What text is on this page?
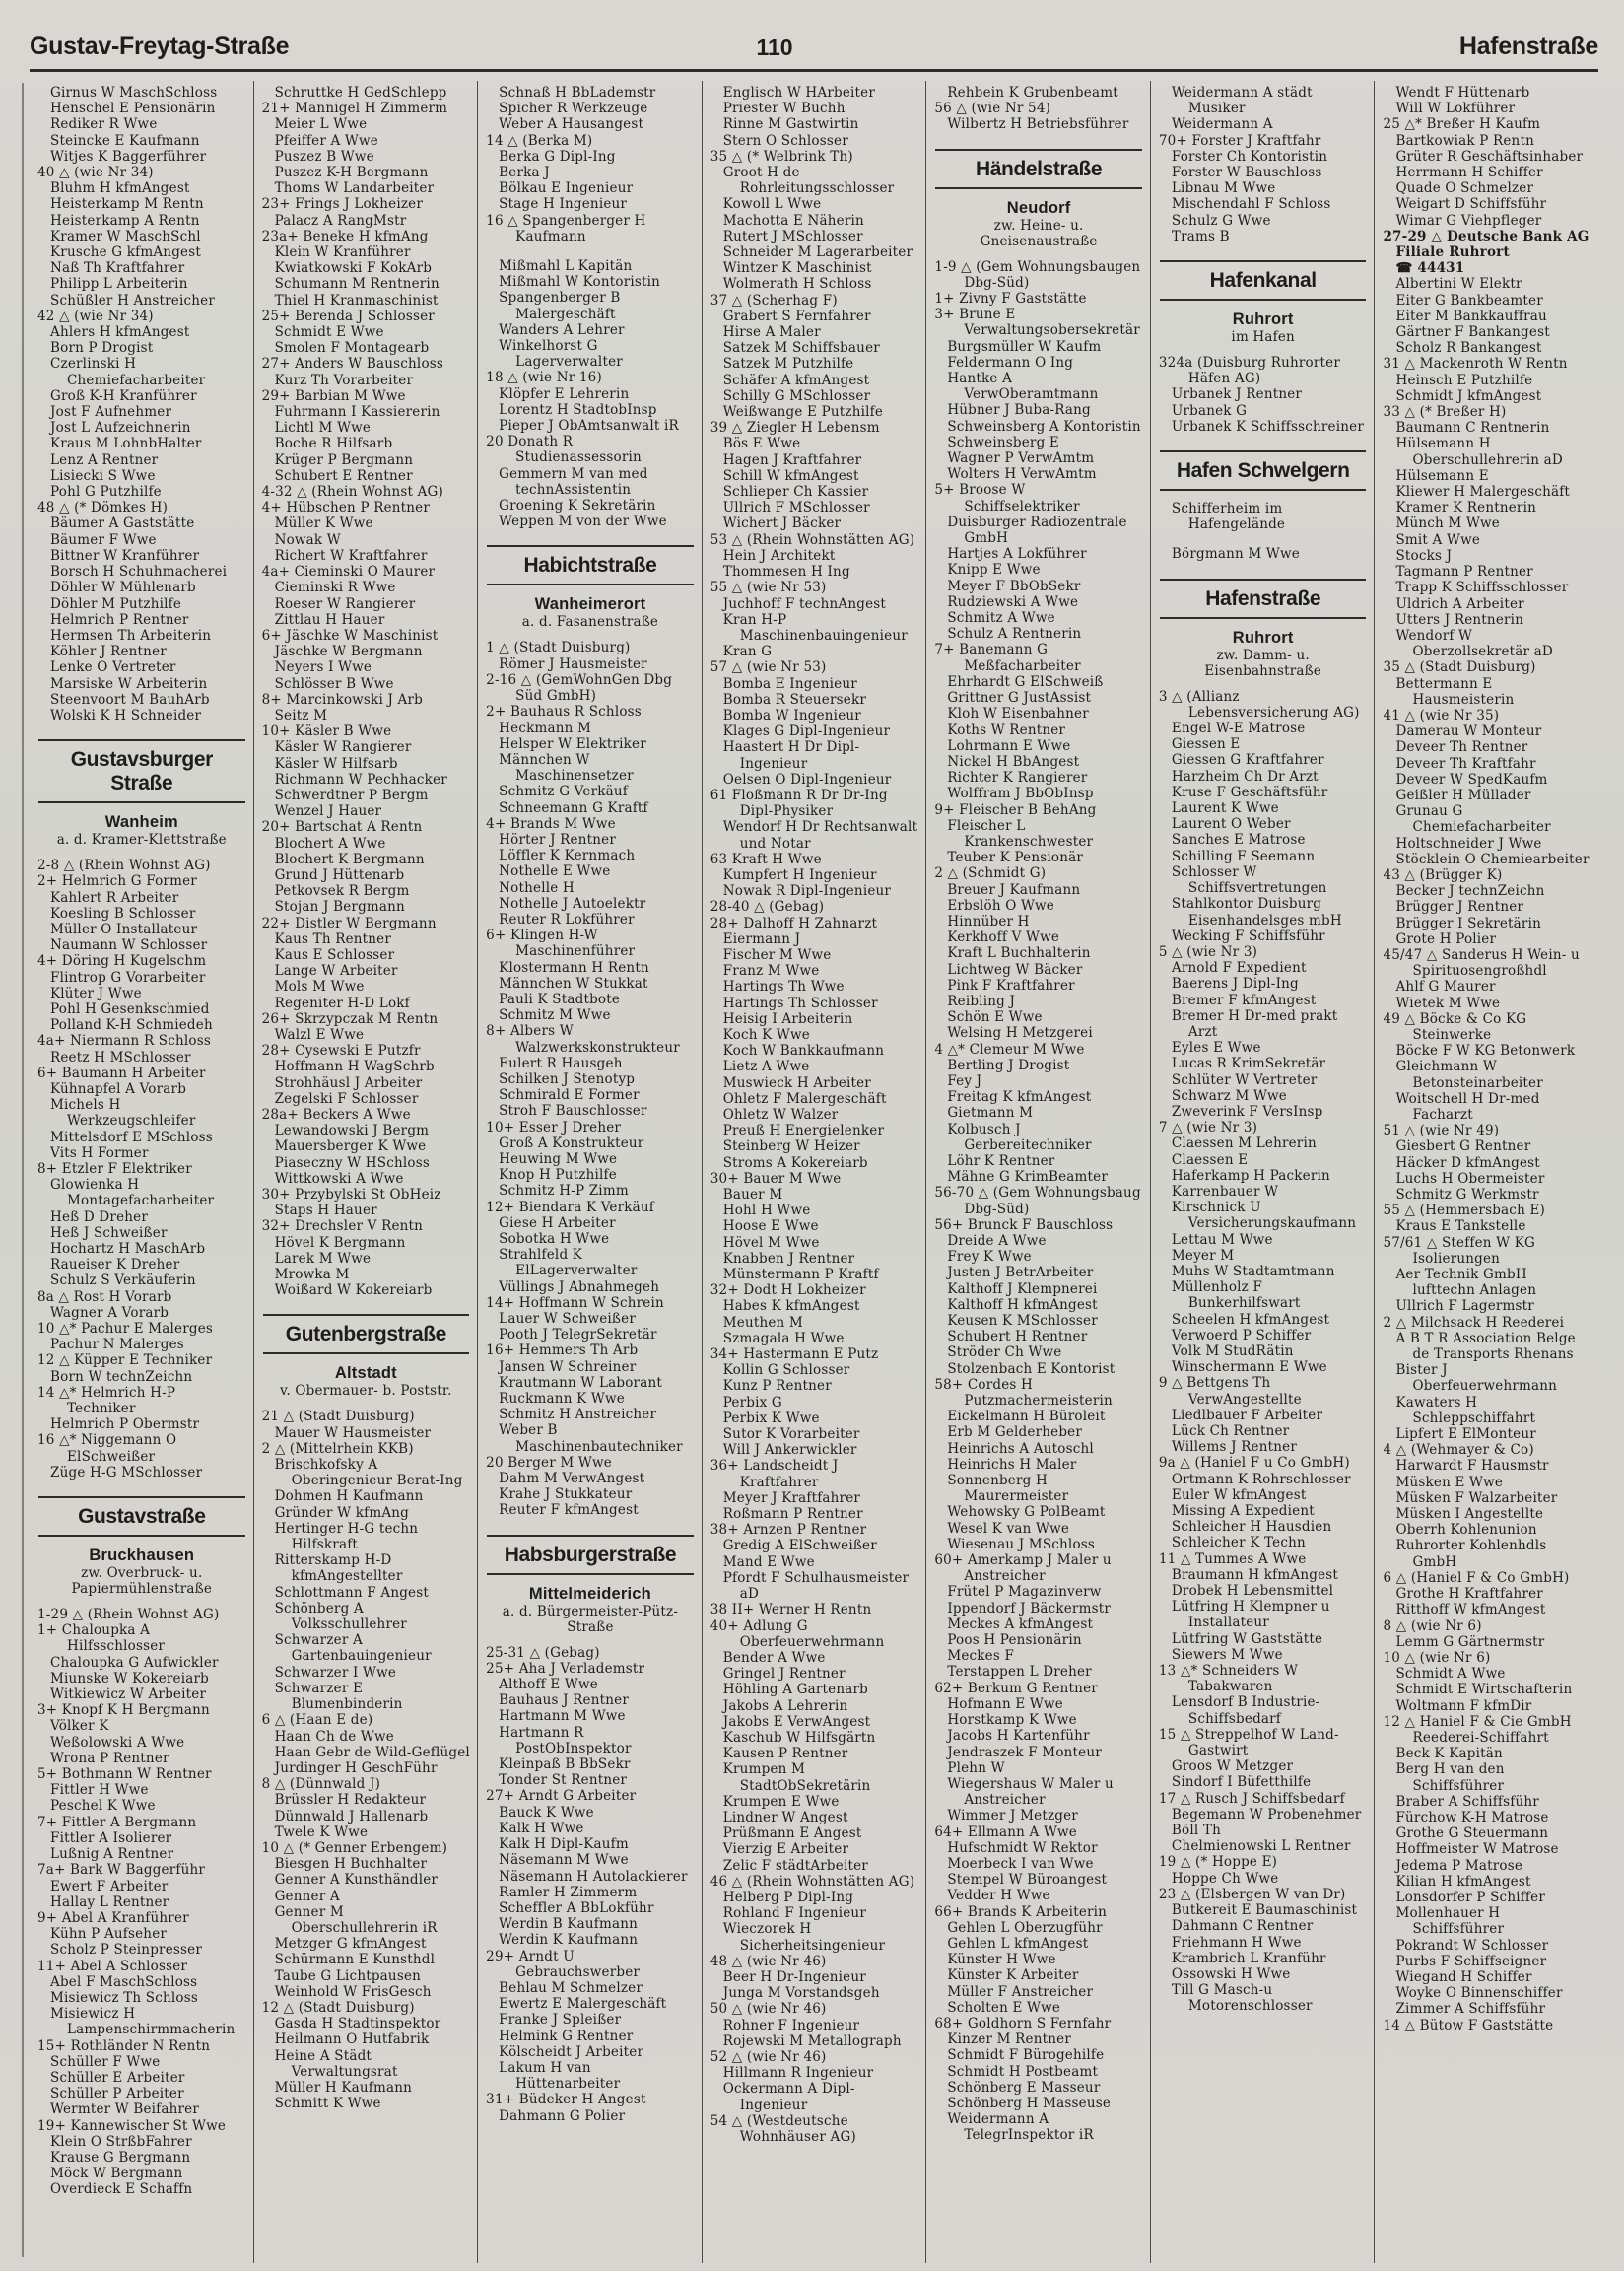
Gustav-Freytag-Straße	110	Hafenstraße
Girnus W MaschSchloss
Henschel E Pensionärin
Rediker R Wwe
Steincke E Kaufmann
Witjes K Baggerführer
40 △ (wie Nr 34)
Bluhm H kfmAngest
Heisterkamp M Rentn
Heisterkamp A Rentn
Kramer W MaschSchl
Krusche G kfmAngest
Naß Th Kraftfahrer
Philipp L Arbeiterin
Schüßler H Anstreicher
42 △ (wie Nr 34)
Ahlers H kfmAngest
Born P Drogist
Czerlinski H Chemiefacharbeiter
Groß K-H Kranführer
Jost F Aufnehmer
Jost L Aufzeichnerin
Kraus M LohnbHalter
Lenz A Rentner
Lisiecki S Wwe
Pohl G Putzhilfe
48 △ (* Dömkes H)
Bäumer A Gaststätte
Bäumer F Wwe
Bittner W Kranführer
Borsch H Schuhmacherei
Döhler W Mühlenarb
Döhler M Putzhilfe
Helmrich P Rentner
Hermsen Th Arbeiterin
Köhler J Rentner
Lenke O Vertreter
Marsiske W Arbeiterin
Steenvoort M BauhArb
Wolski K H Schneider
Gustavsburger Straße
Wanheim
a. d. Kramer-Klettstraße
2-8 △ (Rhein Wohnst AG)
2+ Helmrich G Former
Kahlert R Arbeiter
Koesling B Schlosser
Müller O Installateur
Naumann W Schlosser
4+ Döring H Kugelschm
Flintrop G Vorarbeiter
Klüter J Wwe
Pohl H Gesenkschmied
Polland K-H Schmiedeh
4a+ Niermann R Schloss
Reetz H MSchlosser
6+ Baumann H Arbeiter
Kühnapfel A Vorarb
Michels H Werkzeugschleifer
Mittelsdorf E MSchloss
Vits H Former
8+ Etzler F Elektriker
Glowienka H Montagefacharbeiter
Heß D Dreher
Heß J Schweißer
Hochartz H MaschArb
Raueiser K Dreher
Schulz S Verkäuferin
8a △ Rost H Vorarb
Wagner A Vorarb
10 △* Pachur E Malerges
Pachur N Malerges
12 △ Küpper E Techniker
Born W technZeichn
14 △* Helmrich H-P Techniker
Helmrich P Obermstr
16 △* Niggemann O ElSchweißer
Züge H-G MSchlosser
Gustavstraße
Bruckhausen
zw. Overbruck- u. Papiermühlenstraße
1-29 △ (Rhein Wohnst AG)
1+ Chaloupka A Hilfsschlosser
Chaloupka G Aufwickler
Miunske W Kokereiarb
Witkiewicz W Arbeiter
3+ Knopf K H Bergmann
Völker K
Weßolowski A Wwe
Wrona P Rentner
5+ Bothmann W Rentner
Fittler H Wwe
Peschel K Wwe
7+ Fittler A Bergmann
Fittler A Isolierer
Lußnig A Rentner
7a+ Bark W Baggerführ
Ewert F Arbeiter
Hallay L Rentner
9+ Abel A Kranführer
Kühn P Aufseher
Scholz P Steinpresser
11+ Abel A Schlosser
Abel F MaschSchloss
Misiewicz Th Schloss
Misiewicz H Lampenschirmmacherin
15+ Rothländer N Rentn
Schüller F Wwe
Schüller E Arbeiter
Schüller P Arbeiter
Wermter W Beifahrer
19+ Kannewischer St Wwe
Klein O StrßbFahrer
Krause G Bergmann
Möck W Bergmann
Overdieck E Schaffn
Schruttke H GedSchlepp
21+ Mannigel H Zimmerm
Meier L Wwe
Pfeiffer A Wwe
Puszez B Wwe
Puszez K-H Bergmann
Thoms W Landarbeiter
23+ Frings J Lokheizer
Palacz A RangMstr
23a+ Beneke H kfmAng
Klein W Kranführer
Kwiatkowski F KokArb
Schumann M Rentnerin
Thiel H Kranmaschinist
25+ Berenda J Schlosser
Schmidt E Wwe
Smolen F Montagearb
27+ Anders W Bauschloss
Kurz Th Vorarbeiter
29+ Barbian M Wwe
Fuhrmann I Kassiererin
Lichtl M Wwe
Boche R Hilfsarb
Krüger P Bergmann
Schubert E Rentner
4-32 △ (Rhein Wohnst AG)
4+ Hübschen P Rentner
Müller K Wwe
Nowak W
Richert W Kraftfahrer
4a+ Cieminski O Maurer
Cieminski R Wwe
Roeser W Rangierer
Zittlau H Hauer
6+ Jäschke W Maschinist
Jäschke W Bergmann
Neyers I Wwe
Schlösser B Wwe
8+ Marcinkowski J Arb
Seitz M
10+ Käsler B Wwe
Käsler W Rangierer
Käsler W Hilfsarb
Richmann W Pechhacker
Schwerdtner P Bergm
Wenzel J Hauer
20+ Bartschat A Rentn
Blochert A Wwe
Blochert K Bergmann
Grund J Hüttenarb
Petkovsek R Bergm
Stojan J Bergmann
22+ Distler W Bergmann
Kaus Th Rentner
Kaus E Schlosser
Lange W Arbeiter
Mols M Wwe
Regeniter H-D Lokf
26+ Skrzypczak M Rentn
Walzl E Wwe
28+ Cysewski E Putzfr
Hoffmann H WagSchrb
Strohhäusl J Arbeiter
Zegelski F Schlosser
28a+ Beckers A Wwe
Lewandowski J Bergm
Mauersberger K Wwe
Piaseczny W HSchloss
Wittkowski A Wwe
30+ Przybylski St ObHeiz
Staps H Hauer
32+ Drechsler V Rentn
Hövel K Bergmann
Larek M Wwe
Mrowka M
Woißard W Kokereiarb
Gutenbergstraße
Altstadt
v. Obermauer- b. Poststr.
21 △ (Stadt Duisburg)
Mauer W Hausmeister
2 △ (Mittelrhein KKB)
Brischkofsky A Oberingenieur Berat-Ing
Dohmen H Kaufmann
Gründer W kfmAng
Hertinger H-G techn Hilfskraft
Ritterskamp H-D kfmAngestellter
Schlottmann F Angest
Schönberg A Volksschullehrer
Schwarzer A Gartenbauingenieur
Schwarzer I Wwe
Schwarzer E Blumenbinderin
6 △ (Haan E de)
Haan Ch de Wwe
Haan Gebr de Wild-Geflügel
Jurdinger H GeschFühr
8 △ (Dünnwald J)
Brüssler H Redakteur
Dünnwald J Hallenarb
Twele K Wwe
10 △ (* Genner Erbengem)
Biesgen H Buchhalter
Genner A Kunsthändler
Genner A
Genner M Oberschullehrerin iR
Metzger G kfmAngest
Schürmann E Kunsthdl
Taube G Lichtpausen
Weinhold W FrisGesch
12 △ (Stadt Duisburg)
Gasda H Stadtinspektor
Heilmann O Hutfabrik
Heine A Städt Verwaltungsrat
Müller H Kaufmann
Schmitt K Wwe
Schnaß H BbLademstr
Spicher R Werkzeuge
Weber A Hausangest
14 △ (Berka M)
Berka G Dipl-Ing
Berka J
Bölkau E Ingenieur
Stage H Ingenieur
16 △ Spangenberger H Kaufmann
Mißmahl L Kapitän
Mißmahl W Kontoristin
Spangenberger B Malergeschäft
Wanders A Lehrer
Winkelhorst G Lagerverwalter
18 △ (wie Nr 16)
Klöpfer E Lehrerin
Lorentz H StadtobInsp
Pieper J ObAmtsanwalt iR
20 Donath R Studienassessorin
Gemmern M van med technAssistentin
Groening K Sekretärin
Weppen M von der Wwe
Habichtstraße
Wanheimerort
a. d. Fasanenstraße
1 △ (Stadt Duisburg)
Römer J Hausmeister
2-16 △ (GemWohnGen Dbg Süd GmbH)
2+ Bauhaus R Schloss
Heckmann M
Helsper W Elektriker
Männchen W Maschinensetzer
Schmitz G Verkäuf
Schneemann G Kraftf
4+ Brands M Wwe
Hörter J Rentner
Löffler K Kernmach
Nothelle E Wwe
Nothelle H
Nothelle J Autoelektr
Reuter R Lokführer
6+ Klingen H-W Maschinenführer
Klostermann H Rentn
Männchen W Stukkat
Pauli K Stadtbote
Schmitz M Wwe
8+ Albers W Walzwerkskonstrukteur
Eulert R Hausgeh
Schilken J Stenotyp
Schmirald E Former
Stroh F Bauschlosser
10+ Esser J Dreher
Groß A Konstrukteur
Heuwing M Wwe
Knop H Putzhilfe
Schmitz H-P Zimm
12+ Biendara K Verkäuf
Giese H Arbeiter
Sobotka H Wwe
Strahlfeld K ElLagerverwalter
Vüllings J Abnahmegeh
14+ Hoffmann W Schrein
Lauer W Schweißer
Pooth J TelegrSekretär
16+ Hemmers Th Arb
Jansen W Schreiner
Krautmann W Laborant
Ruckmann K Wwe
Schmitz H Anstreicher
Weber B Maschinenbautechniker
20 Berger M Wwe
Dahm M VerwAngest
Krahe J Stukkateur
Reuter F kfmAngest
Habsburgerstraße
Mittelmeiderich
a. d. Bürgermeister-Pütz-Straße
25-31 △ (Gebag)
25+ Aha J Verlademstr
Althoff E Wwe
Bauhaus J Rentner
Hartmann M Wwe
Hartmann R PostObInspektor
Kleinpaß B BbSekr
Tonder St Rentner
27+ Arndt G Arbeiter
Bauck K Wwe
Kalk H Wwe
Kalk H Dipl-Kaufm
Näsemann M Wwe
Näsemann H Autolackierer
Ramler H Zimmerm
Scheffler A BbLokführ
Werdin B Kaufmann
Werdin K Kaufmann
29+ Arndt U Gebrauchswerber
Behlau M Schmelzer
Ewertz E Malergeschäft
Franke J Spleißer
Helmink G Rentner
Kölscheidt J Arbeiter
Lakum H van Hüttenarbeiter
31+ Büdeker H Angest
Dahmann G Polier
Englisch W HArbeiter
Priester W Buchh
Rinne M Gastwirtin
Stern O Schlosser
35 △ (* Welbrink Th)
Groot H de Rohrleitungsschlosser
Kowoll L Wwe
Machotta E Näherin
Rutert J MSchlosser
Schneider M Lagerarbeiter
Wintzer K Maschinist
Wolmerath H Schloss
37 △ (Scherhag F)
Grabert S Fernfahrer
Hirse A Maler
Satzek M Schiffsbauer
Satzek M Putzhilfe
Schäfer A kfmAngest
Schilly G MSchlosser
Weißwange E Putzhilfe
39 △ Ziegler H Lebensm
Bös E Wwe
Hagen J Kraftfahrer
Schill W kfmAngest
Schlieper Ch Kassier
Ullrich F MSchlosser
Wichert J Bäcker
53 △ (Rhein Wohnstätten AG)
Hein J Architekt
Thommesen H Ing
55 △ (wie Nr 53)
Juchhoff F technAngest
Kran H-P Maschinenbauingenieur
Kran G
57 △ (wie Nr 53)
Bomba E Ingenieur
Bomba R Steuersekr
Bomba W Ingenieur
Klages G Dipl-Ingenieur
Haastert H Dr Dipl-Ingenieur
Oelsen O Dipl-Ingenieur
61 Floßmann R Dr Dr-Ing Dipl-Physiker
Wendorf H Dr Rechtsanwalt und Notar
63 Kraft H Wwe
Kumpfert H Ingenieur
Nowak R Dipl-Ingenieur
28-40 △ (Gebag)
28+ Dalhoff H Zahnarzt
Eiermann J
Fischer M Wwe
Franz M Wwe
Hartings Th Wwe
Hartings Th Schlosser
Heisig I Arbeiterin
Koch K Wwe
Koch W Bankkaufmann
Lietz A Wwe
Muswieck H Arbeiter
Ohletz F Malergeschäft
Ohletz W Walzer
Preuß H Energielenker
Steinberg W Heizer
Stroms A Kokereiarb
30+ Bauer M Wwe
Bauer M
Hohl H Wwe
Hoose E Wwe
Hövel M Wwe
Knabben J Rentner
Münstermann P Kraftf
32+ Dodt H Lokheizer
Habes K kfmAngest
Meuthen M
Szmagala H Wwe
34+ Hastermann E Putz
Kollin G Schlosser
Kunz P Rentner
Perbix G
Perbix K Wwe
Sutor K Vorarbeiter
Will J Ankerwickler
36+ Landscheidt J Kraftfahrer
Meyer J Kraftfahrer
Roßmann P Rentner
38+ Arnzen P Rentner
Gredig A ElSchweißer
Mand E Wwe
Pfordt F Schulhausmeister aD
38 II+ Werner H Rentn
40+ Adlung G Oberfeuerwehrmann
Bender A Wwe
Gringel J Rentner
Höhling A Gartenarb
Jakobs A Lehrerin
Jakobs E VerwAngest
Kaschub W Hilfsgärtn
Kausen P Rentner
Krumpen M StadtObSekretärin
Krumpen E Wwe
Lindner W Angest
Prüßmann E Angest
Vierzig E Arbeiter
Zelic F städtArbeiter
46 △ (Rhein Wohnstätten AG)
Helberg P Dipl-Ing
Rohland F Ingenieur
Wieczorek H Sicherheitsingenieur
48 △ (wie Nr 46)
Beer H Dr-Ingenieur
Junga M Vorstandsgeh
50 △ (wie Nr 46)
Rohner F Ingenieur
Rojewski M Metallograph
52 △ (wie Nr 46)
Hillmann R Ingenieur
Ockermann A Dipl-Ingenieur
54 △ (Westdeutsche Wohnhäuser AG)
Rehbein K Grubenbeamt
56 △ (wie Nr 54)
Wilbertz H Betriebsführer
Händelstraße
Neudorf
zw. Heine- u. Gneisenaustraße
1-9 △ (Gem Wohnungsbaugen Dbg-Süd)
1+ Zivny F Gaststätte
3+ Brune E Verwaltungsobersekretär
Burgsmüller W Kaufm
Feldermann O Ing
Hantke A VerwOberamtmann
Hübner J Buba-Rang
Schweinsberg A Kontoristin
Schweinsberg E
Wagner P VerwAmtm
Wolters H VerwAmtm
5+ Broose W Schiffselektriker
Duisburger Radiozentrale GmbH
Hartjes A Lokführer
Knipp E Wwe
Meyer F BbObSekr
Rudziewski A Wwe
Schmitz A Wwe
Schulz A Rentnerin
7+ Banemann G Meßfacharbeiter
Ehrhardt G ElSchweiß
Grittner G JustAssist
Kloh W Eisenbahner
Koths W Rentner
Lohrmann E Wwe
Nickel H BbAngest
Richter K Rangierer
Wolffram J BbObInsp
9+ Fleischer B BehAng
Fleischer L Krankenschwester
Teuber K Pensionär
2 △ (Schmidt G)
Breuer J Kaufmann
Erbslöh O Wwe
Hinnüber H
Kerkhoff V Wwe
Kraft L Buchhalterin
Lichtweg W Bäcker
Pink F Kraftfahrer
Reibling J
Schön E Wwe
Welsing H Metzgerei
4 △* Clemeur M Wwe
Bertling J Drogist
Fey J
Freitag K kfmAngest
Gietmann M
Kolbusch J Gerbereitechniker
Löhr K Rentner
Mähne G KrimBeamter
56-70 △ (Gem Wohnungsbaug Dbg-Süd)
56+ Brunck F Bauschloss
Dreide A Wwe
Frey K Wwe
Justen J BetrArbeiter
Kalthoff J Klempnerei
Kalthoff H kfmAngest
Keusen K MSchlosser
Schubert H Rentner
Ströder Ch Wwe
Stolzenbach E Kontorist
58+ Cordes H Putzmachermeisterin
Eickelmann H Büroleit
Erb M Gelderheber
Heinrichs A Autoschl
Heinrichs H Maler
Sonnenberg H Maurermeister
Wehowsky G PolBeamt
Wesel K van Wwe
Wiesenau J MSchloss
60+ Amerkamp J Maler u Anstreicher
Frütel P Magazinverw
Ippendorf J Bäckermstr
Meckes A kfmAngest
Poos H Pensionärin
Meckes F
Terstappen L Dreher
62+ Berkum G Rentner
Hofmann E Wwe
Horstkamp K Wwe
Jacobs H Kartenführ
Jendraszek F Monteur
Plehn W
Wiegershaus W Maler u Anstreicher
Wimmer J Metzger
64+ Ellmann A Wwe
Hufschmidt W Rektor
Moerbeck I van Wwe
Stempel W Büroangest
Vedder H Wwe
66+ Brands K Arbeiterin
Gehlen L Oberzugführ
Gehlen L kfmAngest
Künster H Wwe
Künster K Arbeiter
Müller F Anstreicher
Scholten E Wwe
68+ Goldhorn S Fernfahr
Kinzer M Rentner
Schmidt F Bürogehilfe
Schmidt H Postbeamt
Schönberg E Masseur
Schönberg H Masseuse
Weidermann A TelegrInspektor iR
Weidermann A städt Musiker
Weidermann A
70+ Forster J Kraftfahr
Forster Ch Kontoristin
Forster W Bauschloss
Libnau M Wwe
Mischendahl F Schloss
Schulz G Wwe
Trams B
Hafenkanal
Ruhrort
im Hafen
324a (Duisburg Ruhrorter Häfen AG)
Urbanek J Rentner
Urbanek G
Urbanek K Schiffsschreiner
Hafen Schwelgern
Schifferheim im Hafengelände
Börgmann M Wwe
Hafenstraße
Ruhrort
zw. Damm- u. Eisenbahnstraße
3 △ (Allianz Lebensversicherung AG)
Engel W-E Matrose
Giessen E
Giessen G Kraftfahrer
Harzheim Ch Dr Arzt
Kruse F Geschäftsführ
Laurent K Wwe
Laurent O Weber
Sanches E Matrose
Schilling F Seemann
Schlosser W Schiffsvertretungen
Stahlkontor Duisburg Eisenhandelsges mbH
Wecking F Schiffsführ
5 △ (wie Nr 3)
Arnold F Expedient
Baerens J Dipl-Ing
Bremer F kfmAngest
Bremer H Dr-med prakt Arzt
Eyles E Wwe
Lucas R KrimSekretär
Schlüter W Vertreter
Schwarz M Wwe
Zweverink F VersInsp
7 △ (wie Nr 3)
Claessen M Lehrerin
Claessen E
Haferkamp H Packerin
Karrenbauer W
Kirschnick U Versicherungskaufmann
Lettau M Wwe
Meyer M
Muhs W Stadtamtmann
Müllenholz F Bunkerhilfswart
Scheelen H kfmAngest
Verwoerd P Schiffer
Volk M StudRätin
Winschermann E Wwe
9 △ Bettgens Th VerwAngestellte
Liedlbauer F Arbeiter
Lück Ch Rentner
Willems J Rentner
9a △ (Haniel F u Co GmbH)
Ortmann K Rohrschlosser
Euler W kfmAngest
Missing A Expedient
Schleicher H Hausdien
Schleicher K Techn
11 △ Tummes A Wwe
Braumann H kfmAngest
Drobek H Lebensmittel
Lütfring H Klempner u Installateur
Lütfring W Gaststätte
Siewers M Wwe
13 △* Schneiders W Tabakwaren
Lensdorf B Industrie-Schiffsbedarf
15 △ Streppelhof W Land-Gastwirt
Groos W Metzger
Sindorf I Büfetthilfe
17 △ Rusch J Schiffsbedarf
Begemann W Probenehmer
Böll Th
Chelmienowski L Rentner
19 △ (* Hoppe E)
Hoppe Ch Wwe
23 △ (Elsbergen W van Dr)
Butkereit E Baumaschinist
Dahmann C Rentner
Friehmann H Wwe
Krambrich L Kranführ
Ossowski H Wwe
Till G Masch-u Motorenschlosser
Wendt F Hüttenarb
Will W Lokführer
25 △* Breßer H Kaufm
Bartkowiak P Rentn
Grüter R Geschäftsinhaber
Herrmann H Schiffer
Quade O Schmelzer
Weigart D Schiffsführ
Wimar G Viehpfleger
27-29 △ Deutsche Bank AG
Filiale Ruhrort
☎ 44431
Albertini W Elektr
Eiter G Bankbeamter
Eiter M Bankkauffrau
Gärtner F Bankangest
Scholz R Bankangest
31 △ Mackenroth W Rentn
Heinsch E Putzhilfe
Schmidt J kfmAngest
33 △ (* Breßer H)
Baumann C Rentnerin
Hülsemann H Oberschullehrerin aD
Hülsemann E
Kliewer H Malergeschäft
Kramer K Rentnerin
Münch M Wwe
Smit A Wwe
Stocks J
Tagmann P Rentner
Trapp K Schiffsschlosser
Uldrich A Arbeiter
Utters J Rentnerin
Wendorf W Oberzollsekretär aD
35 △ (Stadt Duisburg)
Bettermann E Hausmeisterin
41 △ (wie Nr 35)
Damerau W Monteur
Deveer Th Rentner
Deveer Th Kraftfahr
Deveer W SpedKaufm
Geißler H Müllader
Grunau G Chemiefacharbeiter
Holtschneider J Wwe
Stöcklein O Chemiearbeiter
43 △ (Brügger K)
Becker J technZeichn
Brügger J Rentner
Brügger I Sekretärin
Grote H Polier
45/47 △ Sanderus H Wein- u Spirituosengroßhdl
Ahlf G Maurer
Wietek M Wwe
49 △ Böcke & Co KG Steinwerke
Böcke F W KG Betonwerk
Gleichmann W Betonsteinarbeiter
Woitschell H Dr-med Facharzt
51 △ (wie Nr 49)
Giesbert G Rentner
Häcker D kfmAngest
Luchs H Obermeister
Schmitz G Werkmstr
55 △ (Hemmersbach E)
Kraus E Tankstelle
57/61 △ Steffen W KG Isolierungen
Aer Technik GmbH lufttechn Anlagen
Ullrich F Lagermstr
2 △ Milchsack H Reederei
A B T R Association Belge de Transports Rhenans
Bister J Oberfeuerwehrmann
Kawaters H Schleppschiffahrt
Lipfert E ElMonteur
4 △ (Wehmayer & Co)
Harwardt F Hausmstr
Müsken E Wwe
Müsken F Walzarbeiter
Müsken I Angestellte
Oberrh Kohlenunion
Ruhrorter Kohlenhdls GmbH
6 △ (Haniel F & Co GmbH)
Grothe H Kraftfahrer
Ritthoff W kfmAngest
8 △ (wie Nr 6)
Lemm G Gärtnermstr
10 △ (wie Nr 6)
Schmidt A Wwe
Schmidt E Wirtschafterin
Woltmann F kfmDir
12 △ Haniel F & Cie GmbH Reederei-Schiffahrt
Beck K Kapitän
Berg H van den Schiffsführer
Braber A Schiffsführ
Fürchow K-H Matrose
Grothe G Steuermann
Hoffmeister W Matrose
Jedema P Matrose
Kilian H kfmAngest
Lonsdorfer P Schiffer
Mollenhauer H Schiffsführer
Pokrandt W Schlosser
Purbs F Schiffseigner
Wiegand H Schiffer
Woyke O Binnenschiffer
Zimmer A Schiffsführ
14 △ Bütow F Gaststätte
